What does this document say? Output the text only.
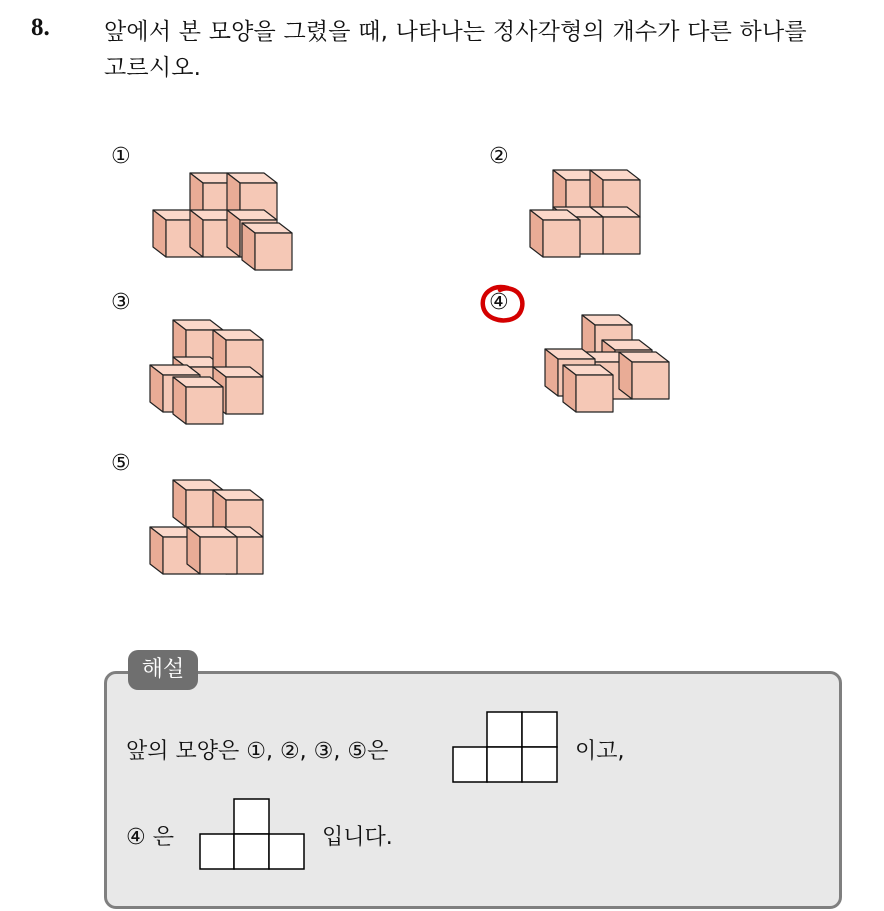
8. 앞에서 본 모양을 그렸을 때, 나타나는 정사각형의 개수가 다른 하나를
고르시오.
①	②
③	④
⑤
해설
앞의 모양은 ①, ②, ③, ⑤은	이고,
④ 은	입니다.
